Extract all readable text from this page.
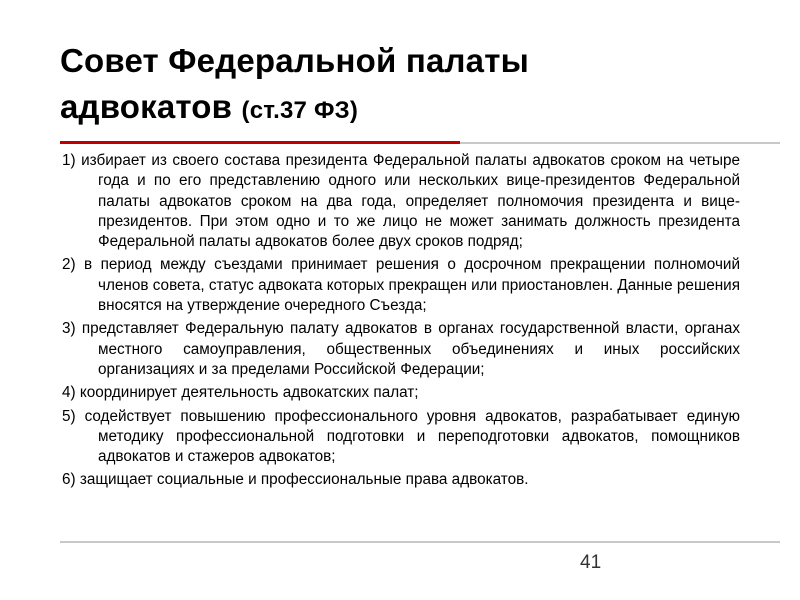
Совет Федеральной палаты
адвокатов (ст.37 ФЗ)

1) избирает из своего состава президента Федеральной палаты адвокатов сроком на четыре года и по его представлению одного или нескольких вице-президентов Федеральной палаты адвокатов сроком на два года, определяет полномочия президента и вице-президентов. При этом одно и то же лицо не может занимать должность президента Федеральной палаты адвокатов более двух сроков подряд;

2) в период между съездами принимает решения о досрочном прекращении полномочий членов совета, статус адвоката которых прекращен или приостановлен. Данные решения вносятся на утверждение очередного Съезда;

3) представляет Федеральную палату адвокатов в органах государственной власти, органах местного самоуправления, общественных объединениях и иных российских организациях и за пределами Российской Федерации;

4) координирует деятельность адвокатских палат;

5) содействует повышению профессионального уровня адвокатов, разрабатывает единую методику профессиональной подготовки и переподготовки адвокатов, помощников адвокатов и стажеров адвокатов;

6) защищает социальные и профессиональные права адвокатов.

41
